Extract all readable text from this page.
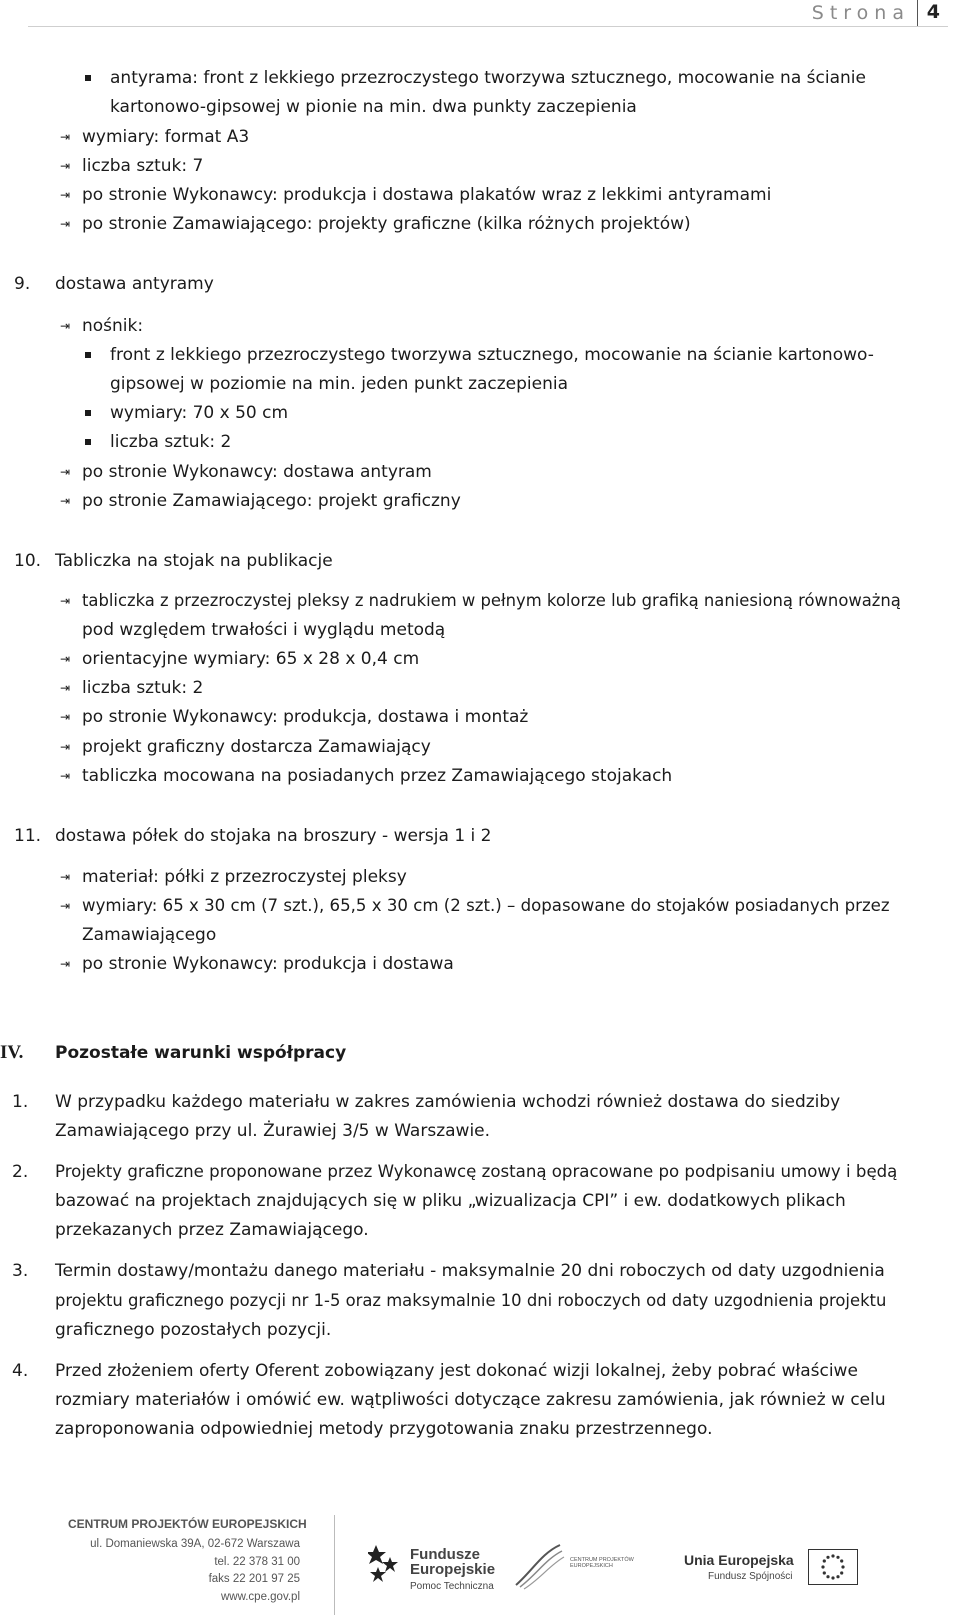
Strona 4
antyrama: front z lekkiego przezroczystego tworzywa sztucznego, mocowanie na ścianie
kartonowo-gipsowej w pionie na min. dwa punkty zaczepienia
⇥ wymiary: format A3
⇥ liczba sztuk: 7
⇥ po stronie Wykonawcy: produkcja i dostawa plakatów wraz z lekkimi antyramami
⇥ po stronie Zamawiającego: projekty graficzne (kilka różnych projektów)
9. dostawa antyramy
⇥ nośnik:
front z lekkiego przezroczystego tworzywa sztucznego, mocowanie na ścianie kartonowo-
gipsowej w poziomie na min. jeden punkt zaczepienia
wymiary: 70 x 50 cm
liczba sztuk: 2
⇥ po stronie Wykonawcy: dostawa antyram
⇥ po stronie Zamawiającego: projekt graficzny
10. Tabliczka na stojak na publikacje
⇥ tabliczka z przezroczystej pleksy z nadrukiem w pełnym kolorze lub grafiką naniesioną równoważną
pod względem trwałości i wyglądu metodą
⇥ orientacyjne wymiary: 65 x 28 x 0,4 cm
⇥ liczba sztuk: 2
⇥ po stronie Wykonawcy: produkcja, dostawa i montaż
⇥ projekt graficzny dostarcza Zamawiający
⇥ tabliczka mocowana na posiadanych przez Zamawiającego stojakach
11. dostawa półek do stojaka na broszury - wersja 1 i 2
⇥ materiał: półki z przezroczystej pleksy
⇥ wymiary: 65 x 30 cm (7 szt.), 65,5 x 30 cm (2 szt.) – dopasowane do stojaków posiadanych przez
Zamawiającego
⇥ po stronie Wykonawcy: produkcja i dostawa
IV. Pozostałe warunki współpracy
1. W przypadku każdego materiału w zakres zamówienia wchodzi również dostawa do siedziby
Zamawiającego przy ul. Żurawiej 3/5 w Warszawie.
2. Projekty graficzne proponowane przez Wykonawcę zostaną opracowane po podpisaniu umowy i będą
bazować na projektach znajdujących się w pliku „wizualizacja CPI” i ew. dodatkowych plikach
przekazanych przez Zamawiającego.
3. Termin dostawy/montażu danego materiału - maksymalnie 20 dni roboczych od daty uzgodnienia
projektu graficznego pozycji nr 1-5 oraz maksymalnie 10 dni roboczych od daty uzgodnienia projektu
graficznego pozostałych pozycji.
4. Przed złożeniem oferty Oferent zobowiązany jest dokonać wizji lokalnej, żeby pobrać właściwe
rozmiary materiałów i omówić ew. wątpliwości dotyczące zakresu zamówienia, jak również w celu
zaproponowania odpowiedniej metody przygotowania znaku przestrzennego.
CENTRUM PROJEKTÓW EUROPEJSKICH
ul. Domaniewska 39A, 02-672 Warszawa
tel. 22 378 31 00
faks 22 201 97 25
www.cpe.gov.pl
Fundusze
Europejskie
Pomoc Techniczna
CENTRUM PROJEKTÓW
EUROPEJSKICH	Unia Europejska
Fundusz Spójności
